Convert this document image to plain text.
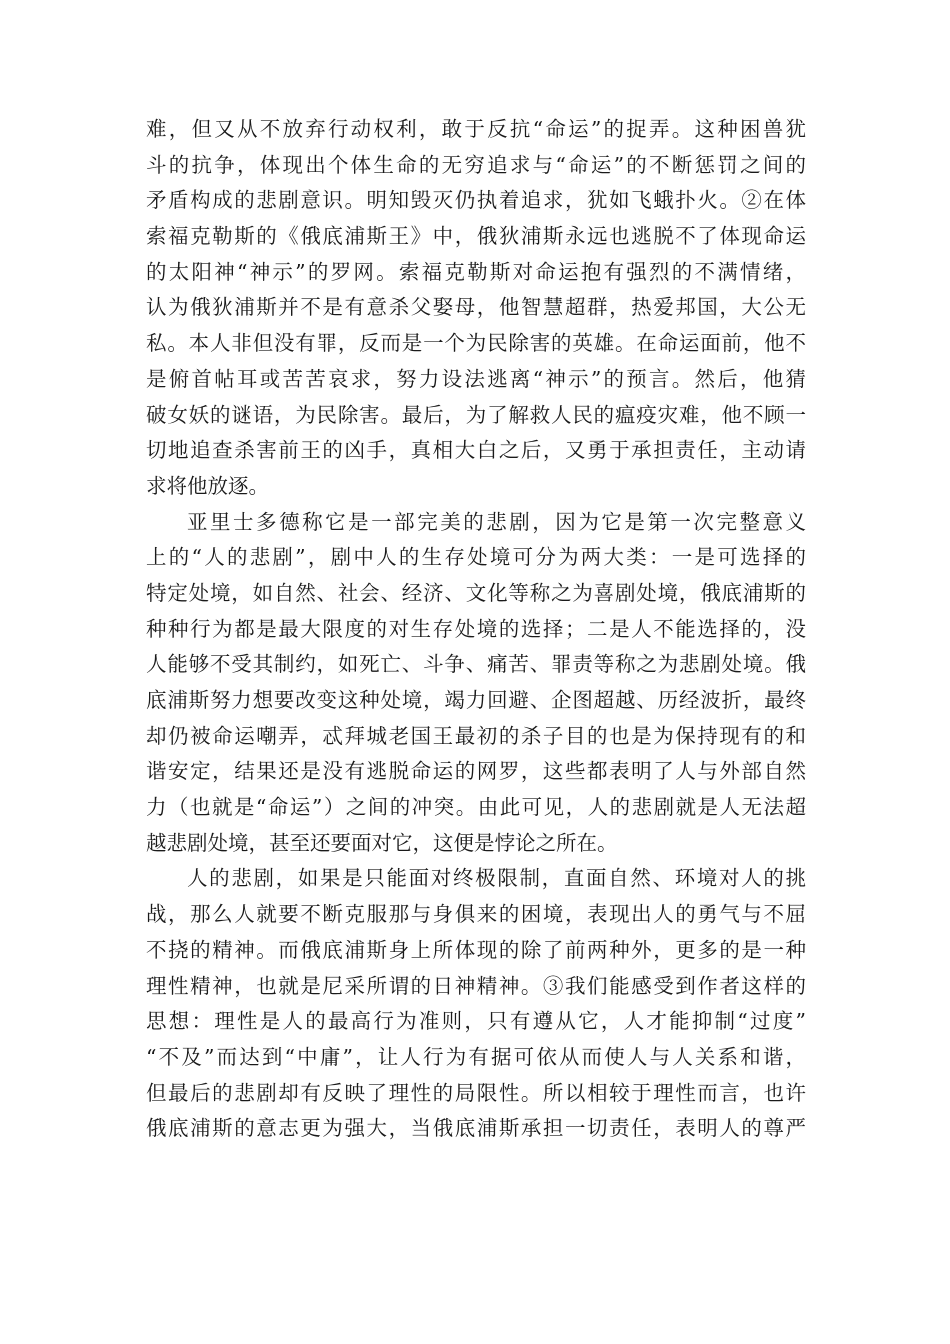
难，但又从不放弃行动权利，敢于反抗“命运”的捉弄。这种困兽犹
斗的抗争，体现出个体生命的无穷追求与“命运”的不断惩罚之间的
矛盾构成的悲剧意识。明知毁灭仍执着追求，犹如飞蛾扑火。②在体
索福克勒斯的《俄底浦斯王》中，俄狄浦斯永远也逃脱不了体现命运
的太阳神“神示”的罗网。索福克勒斯对命运抱有强烈的不满情绪，
认为俄狄浦斯并不是有意杀父娶母，他智慧超群，热爱邦国，大公无
私。本人非但没有罪，反而是一个为民除害的英雄。在命运面前，他不
是俯首帖耳或苦苦哀求，努力设法逃离“神示”的预言。然后，他猜
破女妖的谜语，为民除害。最后，为了解救人民的瘟疫灾难，他不顾一
切地追查杀害前王的凶手，真相大白之后，又勇于承担责任，主动请
求将他放逐。
亚里士多德称它是一部完美的悲剧，因为它是第一次完整意义
上的“人的悲剧”，剧中人的生存处境可分为两大类：一是可选择的
特定处境，如自然、社会、经济、文化等称之为喜剧处境，俄底浦斯的
种种行为都是最大限度的对生存处境的选择；二是人不能选择的，没
人能够不受其制约，如死亡、斗争、痛苦、罪责等称之为悲剧处境。俄
底浦斯努力想要改变这种处境，竭力回避、企图超越、历经波折，最终
却仍被命运嘲弄，忒拜城老国王最初的杀子目的也是为保持现有的和
谐安定，结果还是没有逃脱命运的网罗，这些都表明了人与外部自然
力（也就是“命运”）之间的冲突。由此可见，人的悲剧就是人无法超
越悲剧处境，甚至还要面对它，这便是悖论之所在。
人的悲剧，如果是只能面对终极限制，直面自然、环境对人的挑
战，那么人就要不断克服那与身俱来的困境，表现出人的勇气与不屈
不挠的精神。而俄底浦斯身上所体现的除了前两种外，更多的是一种
理性精神，也就是尼采所谓的日神精神。③我们能感受到作者这样的
思想：理性是人的最高行为准则，只有遵从它，人才能抑制“过度”
“不及”而达到“中庸”，让人行为有据可依从而使人与人关系和谐，
但最后的悲剧却有反映了理性的局限性。所以相较于理性而言，也许
俄底浦斯的意志更为强大，当俄底浦斯承担一切责任，表明人的尊严
